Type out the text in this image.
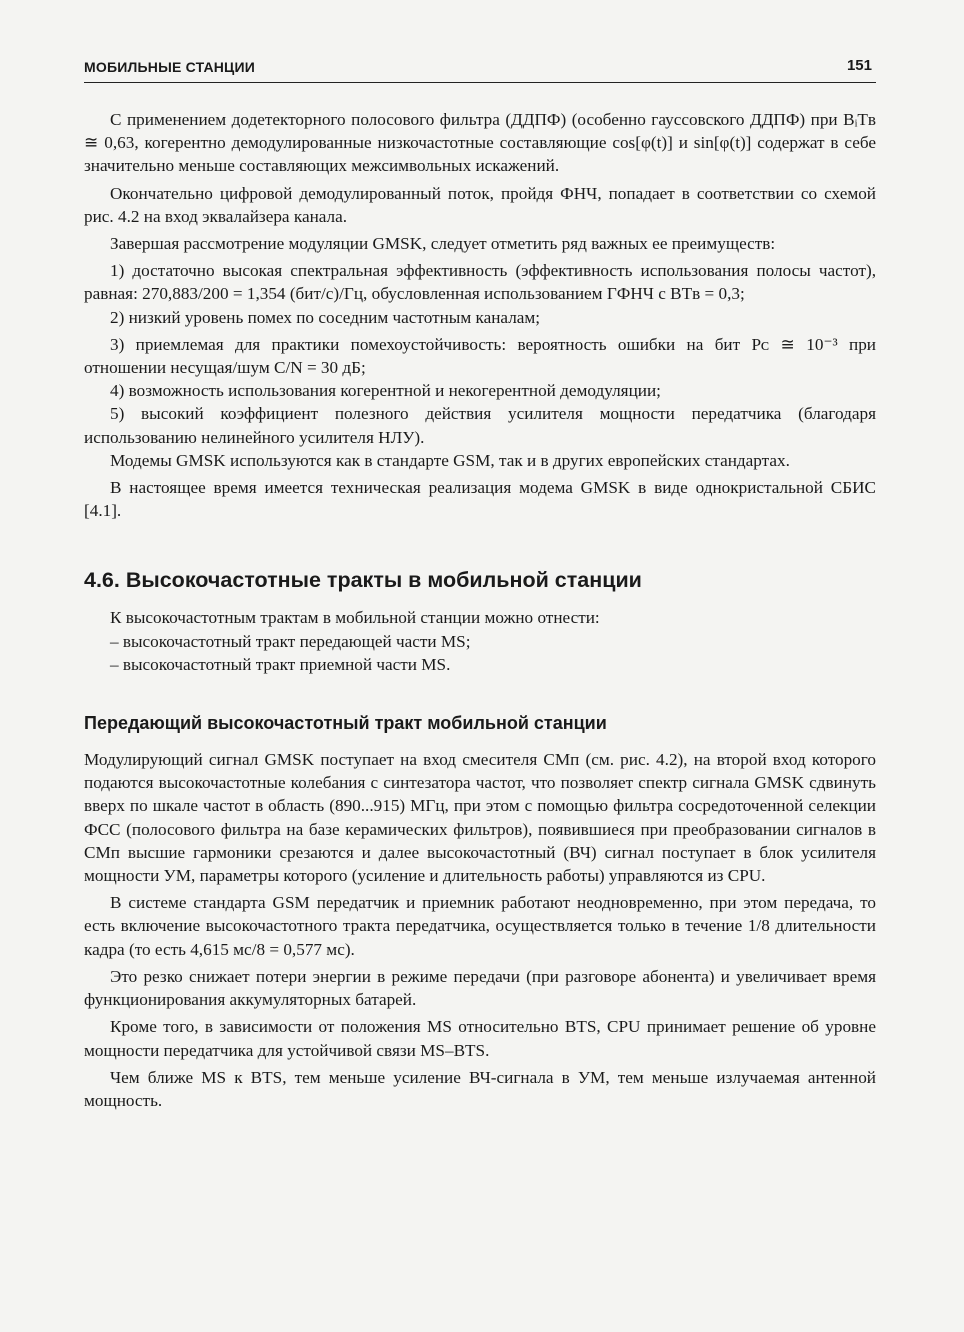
МОБИЛЬНЫЕ СТАНЦИИ	151

С применением додетекторного полосового фильтра (ДДПФ) (особенно гауссовского ДДПФ) при BᵢTʙ ≅ 0,63, когерентно демодулированные низкочастотные составляющие cos[φ(t)] и sin[φ(t)] содержат в себе значительно меньше составляющих межсимвольных искажений.

Окончательно цифровой демодулированный поток, пройдя ФНЧ, попадает в соответствии со схемой рис. 4.2 на вход эквалайзера канала.

Завершая рассмотрение модуляции GMSK, следует отметить ряд важных ее преимуществ:

1) достаточно высокая спектральная эффективность (эффективность использования полосы частот), равная: 270,883/200 = 1,354 (бит/с)/Гц, обусловленная использованием ГФНЧ с BTʙ = 0,3;

2) низкий уровень помех по соседним частотным каналам;

3) приемлемая для практики помехоустойчивость: вероятность ошибки на бит Pᴄ ≅ 10⁻³ при отношении несущая/шум C/N = 30 дБ;

4) возможность использования когерентной и некогерентной демодуляции;

5) высокий коэффициент полезного действия усилителя мощности передатчика (благодаря использованию нелинейного усилителя НЛУ).

Модемы GMSK используются как в стандарте GSM, так и в других европейских стандартах.

В настоящее время имеется техническая реализация модема GMSK в виде однокристальной СБИС [4.1].

4.6. Высокочастотные тракты в мобильной станции

К высокочастотным трактам в мобильной станции можно отнести:

– высокочастотный тракт передающей части MS;

– высокочастотный тракт приемной части MS.

Передающий высокочастотный тракт мобильной станции

Модулирующий сигнал GMSK поступает на вход смесителя СМп (см. рис. 4.2), на второй вход которого подаются высокочастотные колебания с синтезатора частот, что позволяет спектр сигнала GMSK сдвинуть вверх по шкале частот в область (890...915) МГц, при этом с помощью фильтра сосредоточенной селекции ФСС (полосового фильтра на базе керамических фильтров), появившиеся при преобразовании сигналов в СМп высшие гармоники срезаются и далее высокочастотный (ВЧ) сигнал поступает в блок усилителя мощности УМ, параметры которого (усиление и длительность работы) управляются из CPU.

В системе стандарта GSM передатчик и приемник работают неодновременно, при этом передача, то есть включение высокочастотного тракта передатчика, осуществляется только в течение 1/8 длительности кадра (то есть 4,615 мс/8 = 0,577 мс).

Это резко снижает потери энергии в режиме передачи (при разговоре абонента) и увеличивает время функционирования аккумуляторных батарей.

Кроме того, в зависимости от положения MS относительно BTS, CPU принимает решение об уровне мощности передатчика для устойчивой связи MS–BTS.

Чем ближе MS к BTS, тем меньше усиление ВЧ-сигнала в УМ, тем меньше излучаемая антенной мощность.
